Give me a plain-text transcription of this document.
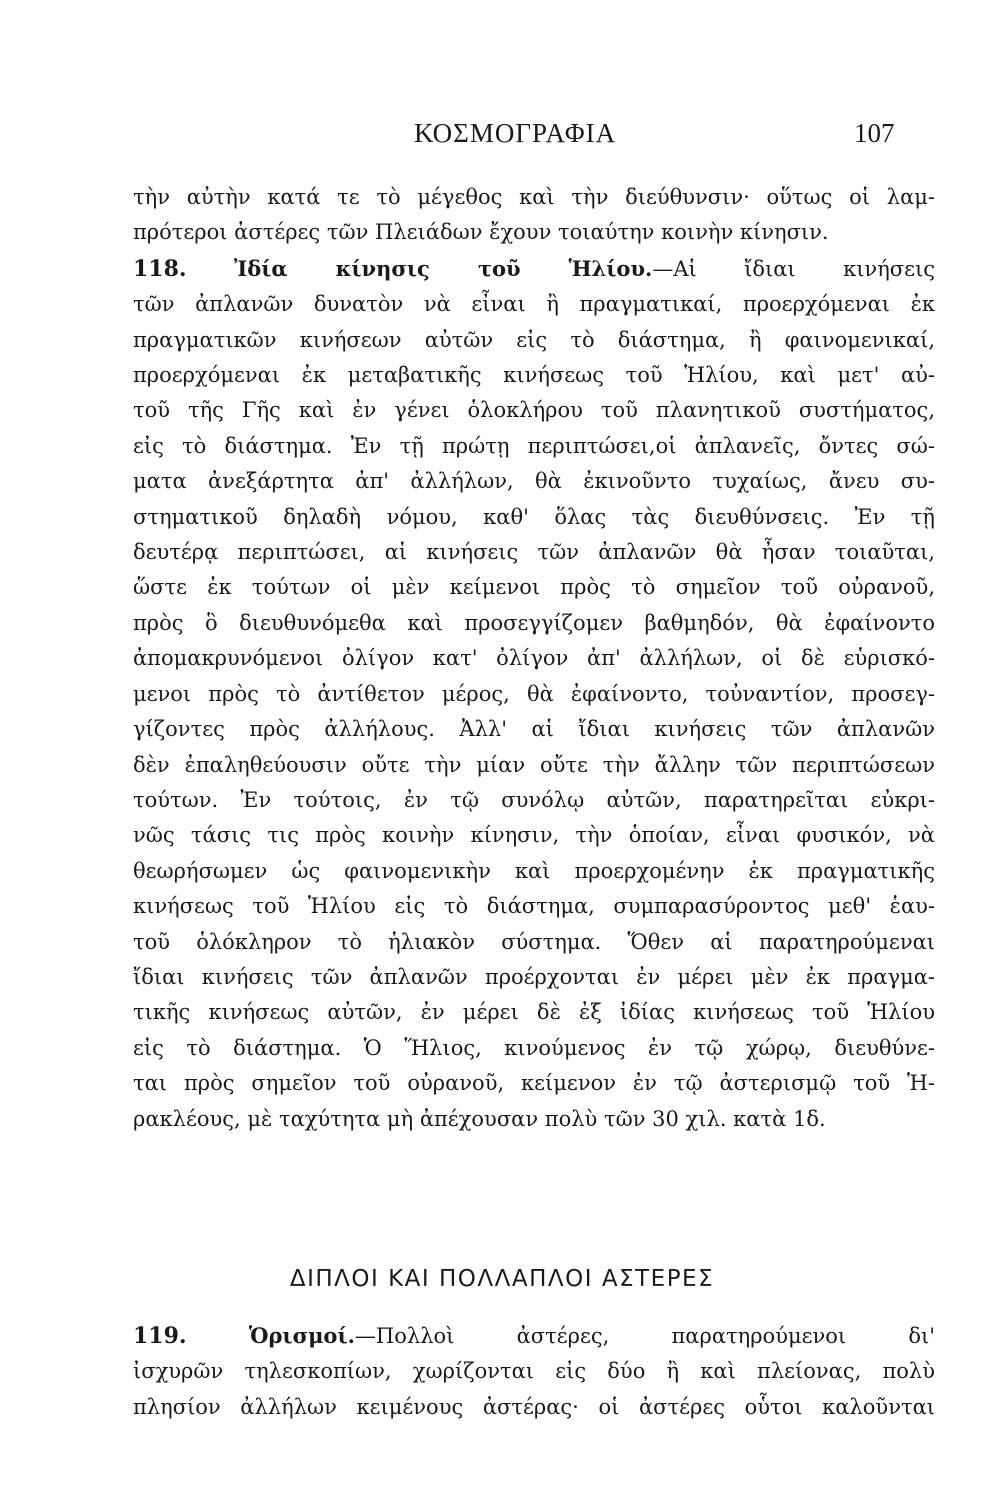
ΚΟΣΜΟΓΡΑΦΙΑ	107
τὴν αὐτὴν κατά τε τὸ μέγεθος καὶ τὴν διεύθυνσιν· οὕτως οἱ λαμ-
πρότεροι ἀστέρες τῶν Πλειάδων ἔχουν τοιαύτην κοινὴν κίνησιν.
118. Ἰδία κίνησις τοῦ Ἡλίου.—Αἱ ἴδιαι κινήσεις
τῶν ἀπλανῶν δυνατὸν νὰ εἶναι ἢ πραγματικαί, προερχόμεναι ἐκ
πραγματικῶν κινήσεων αὐτῶν εἰς τὸ διάστημα, ἢ φαινομενικαί,
προερχόμεναι ἐκ μεταβατικῆς κινήσεως τοῦ Ἡλίου, καὶ μετ' αὐ-
τοῦ τῆς Γῆς καὶ ἐν γένει ὁλοκλήρου τοῦ πλανητικοῦ συστήματος,
εἰς τὸ διάστημα. Ἐν τῇ πρώτῃ περιπτώσει,οἱ ἀπλανεῖς, ὄντες σώ-
ματα ἀνεξάρτητα ἀπ' ἀλλήλων, θὰ ἐκινοῦντο τυχαίως, ἄνευ συ-
στηματικοῦ δηλαδὴ νόμου, καθ' ὅλας τὰς διευθύνσεις. Ἐν τῇ
δευτέρᾳ περιπτώσει, αἱ κινήσεις τῶν ἀπλανῶν θὰ ἦσαν τοιαῦται,
ὥστε ἐκ τούτων οἱ μὲν κείμενοι πρὸς τὸ σημεῖον τοῦ οὐρανοῦ,
πρὸς ὃ διευθυνόμεθα καὶ προσεγγίζομεν βαθμηδόν, θὰ ἐφαίνοντο
ἀπομακρυνόμενοι ὀλίγον κατ' ὀλίγον ἀπ' ἀλλήλων, οἱ δὲ εὑρισκό-
μενοι πρὸς τὸ ἀντίθετον μέρος, θὰ ἐφαίνοντο, τοὐναντίον, προσεγ-
γίζοντες πρὸς ἀλλήλους. Ἀλλ' αἱ ἴδιαι κινήσεις τῶν ἀπλανῶν
δὲν ἐπαληθεύουσιν οὔτε τὴν μίαν οὔτε τὴν ἄλλην τῶν περιπτώσεων
τούτων. Ἐν τούτοις, ἐν τῷ συνόλῳ αὐτῶν, παρατηρεῖται εὐκρι-
νῶς τάσις τις πρὸς κοινὴν κίνησιν, τὴν ὁποίαν, εἶναι φυσικόν, νὰ
θεωρήσωμεν ὡς φαινομενικὴν καὶ προερχομένην ἐκ πραγματικῆς
κινήσεως τοῦ Ἡλίου εἰς τὸ διάστημα, συμπαρασύροντος μεθ' ἑαυ-
τοῦ ὁλόκληρον τὸ ἡλιακὸν σύστημα. Ὅθεν αἱ παρατηρούμεναι
ἴδιαι κινήσεις τῶν ἀπλανῶν προέρχονται ἐν μέρει μὲν ἐκ πραγμα-
τικῆς κινήσεως αὐτῶν, ἐν μέρει δὲ ἐξ ἰδίας κινήσεως τοῦ Ἡλίου
εἰς τὸ διάστημα. Ὁ Ἥλιος, κινούμενος ἐν τῷ χώρῳ, διευθύνε-
ται πρὸς σημεῖον τοῦ οὐρανοῦ, κείμενον ἐν τῷ ἀστερισμῷ τοῦ Ἡ-
ρακλέους, μὲ ταχύτητα μὴ ἀπέχουσαν πολὺ τῶν 30 χιλ. κατὰ 1δ.
ΔΙΠΛΟΙ ΚΑΙ ΠΟΛΛΑΠΛΟΙ ΑΣΤΕΡΕΣ
119.	Ὁρισμοί.—Πολλοὶ ἀστέρες, παρατηρούμενοι δι'
ἰσχυρῶν τηλεσκοπίων, χωρίζονται εἰς δύο ἢ καὶ πλείονας, πολὺ
πλησίον ἀλλήλων κειμένους ἀστέρας· οἱ ἀστέρες οὗτοι καλοῦνται
